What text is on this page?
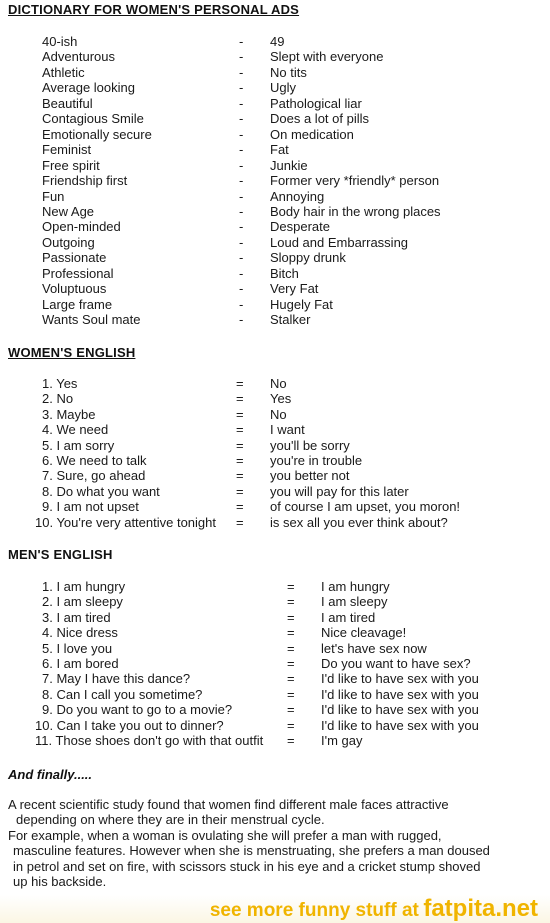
DICTIONARY FOR WOMEN'S PERSONAL ADS
40-ish	- 49
Adventurous	- Slept with everyone
Athletic	- No tits
Average looking	- Ugly
Beautiful	- Pathological liar
Contagious Smile	- Does a lot of pills
Emotionally secure	- On medication
Feminist	- Fat
Free spirit	- Junkie
Friendship first	- Former very *friendly* person
Fun	- Annoying
New Age	- Body hair in the wrong places
Open-minded	- Desperate
Outgoing	- Loud and Embarrassing
Passionate	- Sloppy drunk
Professional	- Bitch
Voluptuous	- Very Fat
Large frame	- Hugely Fat
Wants Soul mate	- Stalker
WOMEN'S ENGLISH
1. Yes	= No
2. No	= Yes
3. Maybe	= No
4. We need	= I want
5. I am sorry	= you'll be sorry
6. We need to talk	= you're in trouble
7. Sure, go ahead	= you better not
8. Do what you want	= you will pay for this later
9. I am not upset	= of course I am upset, you moron!
10. You're very attentive tonight = is sex all you ever think about?
MEN'S ENGLISH
1. I am hungry	= I am hungry
2. I am sleepy	= I am sleepy
3. I am tired	= I am tired
4. Nice dress	= Nice cleavage!
5. I love you	= let's have sex now
6. I am bored	= Do you want to have sex?
7. May I have this dance?	= I'd like to have sex with you
8. Can I call you sometime?	= I'd like to have sex with you
9. Do you want to go to a movie?	= I'd like to have sex with you
10. Can I take you out to dinner?	= I'd like to have sex with you
11. Those shoes don't go with that outfit = I'm gay
And finally.....
A recent scientific study found that women find different male faces attractive
depending on where they are in their menstrual cycle.
For example, when a woman is ovulating she will prefer a man with rugged,
masculine features. However when she is menstruating, she prefers a man doused
in petrol and set on fire, with scissors stuck in his eye and a cricket stump shoved
up his backside.
see more funny stuff at fatpita.net
